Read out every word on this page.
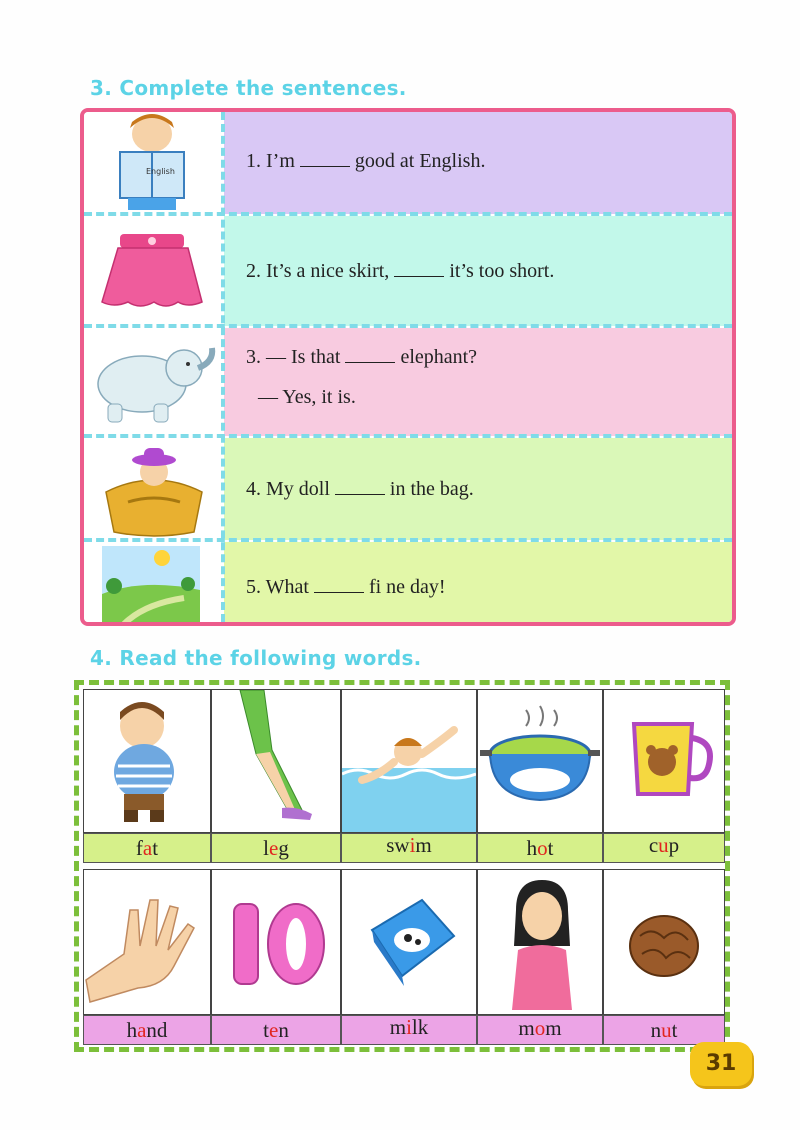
3. Complete the sentences.
English	1. I’m	good at English.
2. It’s a nice skirt,	it’s too short.
3. — Is that	elephant?
— Yes, it is.
4. My doll	in the bag.
5. What	fi ne day!
4. Read the following words.
fat	leg	swim	hot	cup
hand	ten	milk	mom	nut
31
